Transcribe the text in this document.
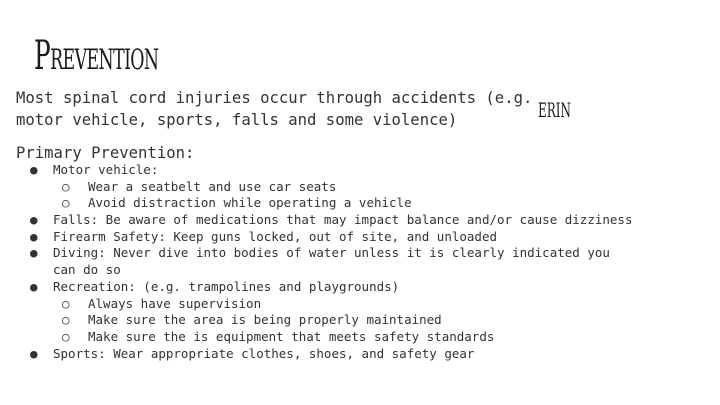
Prevention
Most spinal cord injuries occur through accidents (e.g.
motor vehicle, sports, falls and some violence)	ERIN
Primary Prevention:
● Motor vehicle:
○ Wear a seatbelt and use car seats
○ Avoid distraction while operating a vehicle
● Falls: Be aware of medications that may impact balance and/or cause dizziness
● Firearm Safety: Keep guns locked, out of site, and unloaded
● Diving: Never dive into bodies of water unless it is clearly indicated you
can do so
● Recreation: (e.g. trampolines and playgrounds)
○ Always have supervision
○ Make sure the area is being properly maintained
○ Make sure the is equipment that meets safety standards
● Sports: Wear appropriate clothes, shoes, and safety gear
